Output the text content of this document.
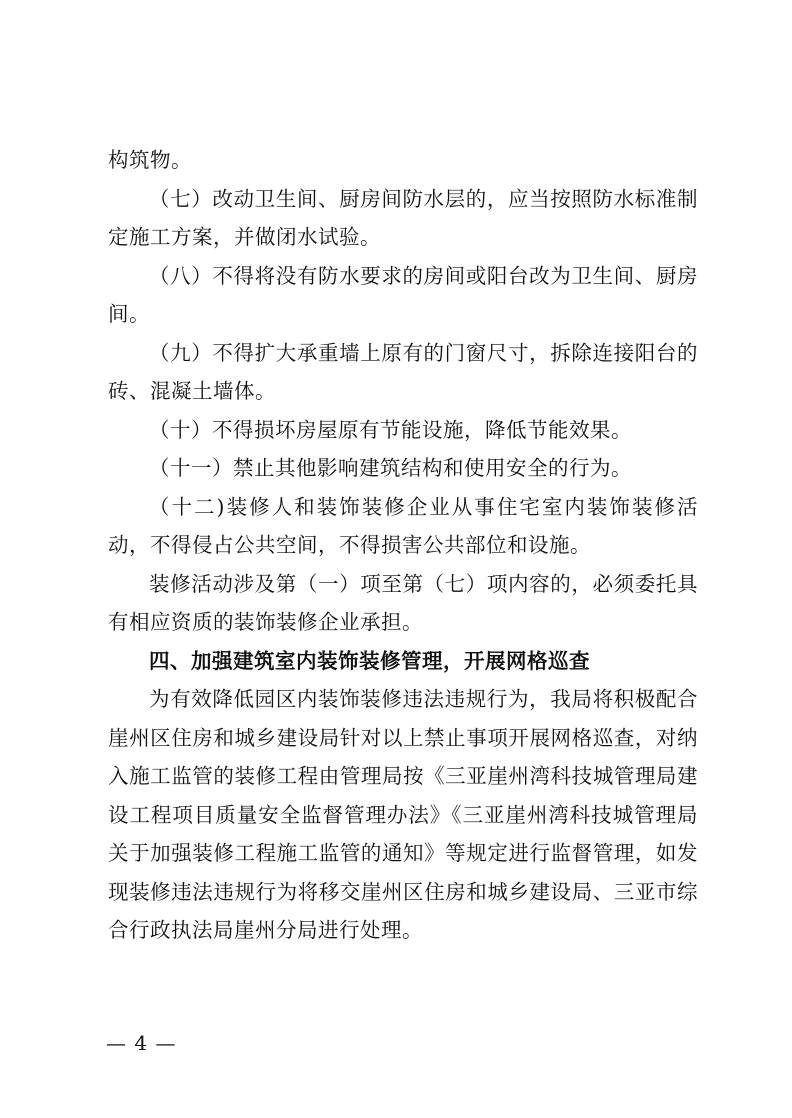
构筑物。

（七）改动卫生间、厨房间防水层的，应当按照防水标准制定施工方案，并做闭水试验。

（八）不得将没有防水要求的房间或阳台改为卫生间、厨房间。

（九）不得扩大承重墙上原有的门窗尺寸，拆除连接阳台的砖、混凝土墙体。

（十）不得损坏房屋原有节能设施，降低节能效果。

（十一）禁止其他影响建筑结构和使用安全的行为。

（十二)装修人和装饰装修企业从事住宅室内装饰装修活动，不得侵占公共空间，不得损害公共部位和设施。

装修活动涉及第（一）项至第（七）项内容的，必须委托具有相应资质的装饰装修企业承担。

四、加强建筑室内装饰装修管理，开展网格巡查

为有效降低园区内装饰装修违法违规行为，我局将积极配合崖州区住房和城乡建设局针对以上禁止事项开展网格巡查，对纳入施工监管的装修工程由管理局按《三亚崖州湾科技城管理局建设工程项目质量安全监督管理办法》《三亚崖州湾科技城管理局关于加强装修工程施工监管的通知》等规定进行监督管理，如发现装修违法违规行为将移交崖州区住房和城乡建设局、三亚市综合行政执法局崖州分局进行处理。

— 4 —
